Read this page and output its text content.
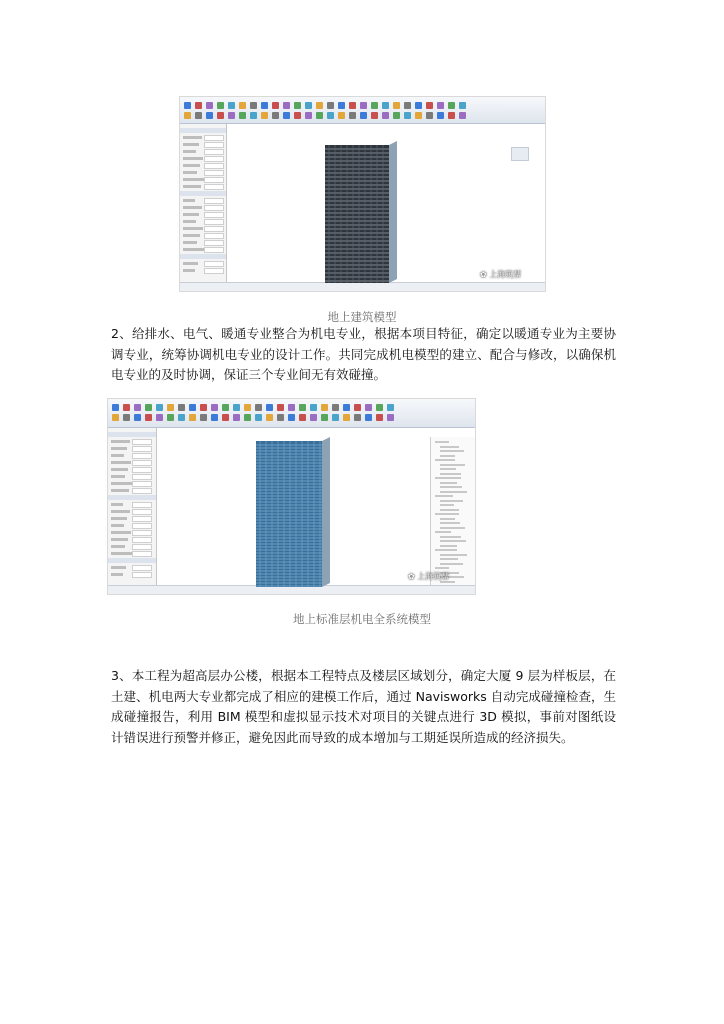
✿ 上海筑帮
地上建筑模型
2、给排水、电气、暖通专业整合为机电专业，根据本项目特征，确定以暖通专业为主要协调专业，统筹协调机电专业的设计工作。共同完成机电模型的建立、配合与修改，以确保机电专业的及时协调，保证三个专业间无有效碰撞。
✿ 上海筑帮
地上标准层机电全系统模型
3、本工程为超高层办公楼，根据本工程特点及楼层区域划分，确定大厦 9 层为样板层，在土建、机电两大专业都完成了相应的建模工作后，通过 Navisworks 自动完成碰撞检查，生成碰撞报告，利用 BIM 模型和虚拟显示技术对项目的关键点进行 3D 模拟，事前对图纸设计错误进行预警并修正，避免因此而导致的成本增加与工期延误所造成的经济损失。
